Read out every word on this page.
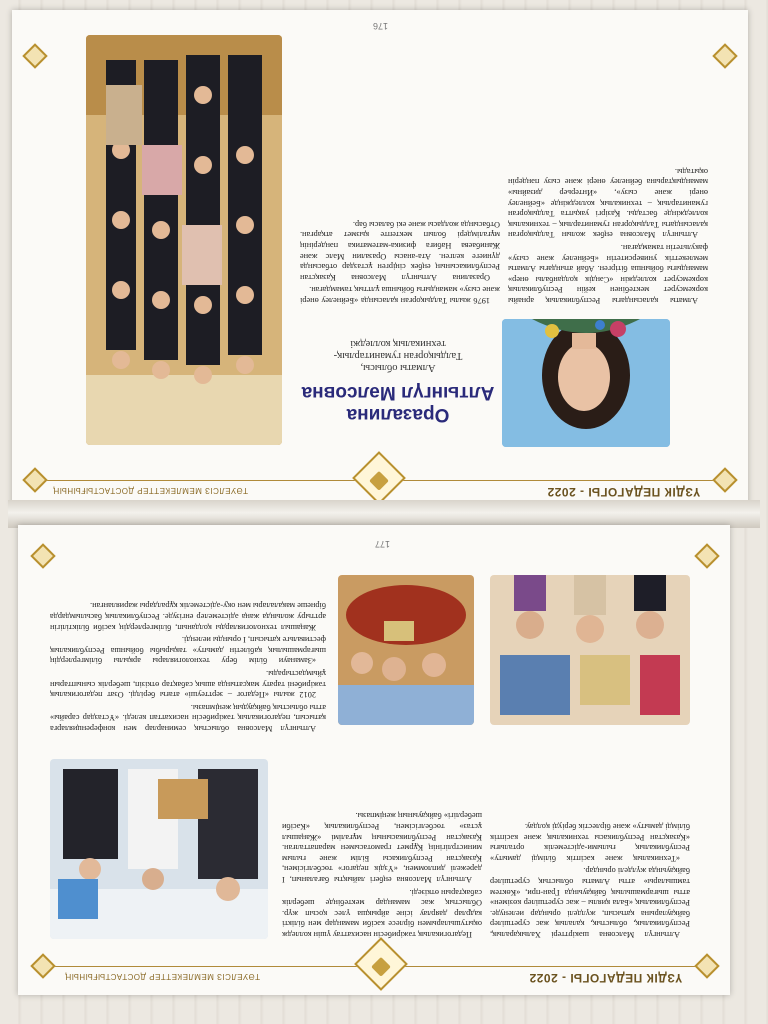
ҮЗДІК ПЕДАГОГЫ - 2022
ТӘУЕЛСІЗ МЕМЛЕКЕТТЕР ДОСТАСТЫҒЫНЫҢ
Оразалина
Алтынгүл Мәлсовна
Алматы облысы,
Талдықорған гуманитарлық-
техникалық колледжі

Алматы қаласындағы Республикалық арнайы көркемсурет мектебінен кейін Республикалық көркемсурет колледжін «Сәндік қолданбалы өнер» мамандығы бойынша бітірген. Абай атындағы Алматы мемлекеттік университетін «Бейнелеу және сызу» факультетін тамамдаған.

Алтынгүл Мәлсовна еңбек жолын Талдықорған қаласындағы Талдықорған гуманитарлық – техникалық колледжінде бастады. Қазіргі уақытта Талдықорған гуманитарлық – техникалық колледжінде «Бейнелеу өнері және сызу», «Интерьер дизайны» мамандықтарына бейнелеу өнері және сызу пәндерін оқытады.

1976 жылы Талдықорған қаласында «Бейнелеу өнері және сызу» мамандығы бойынша ұлттық тамамдаған.

Оразалина Алтынгүл Мәлсовна Қазақстан Республикасының еңбек сіңірген ұстаздар отбасында дүниеге келген. Ата-анасы Оразалин Мәлс және Жанибаева Набиға физика-математика пәндерінің мұғалімдері болып мектепте қызмет атқарған. Отбасында жолдасы және екі баласы бар.

176
ҮЗДІК ПЕДАГОГЫ - 2022
ТӘУЕЛСІЗ МЕМЛЕКЕТТЕР ДОСТАСТЫҒЫНЫҢ

Алтынгүл Мәлсовна шәкірттері Халықаралық, Республикалық, облыстық, қалалық жас суретшілер байқауларына қатысып, жүлделі орындар иеленуде. Республикалық «Бала қиялы – жас суретшілер көзімен» атты шығармашылық байқауында Гран-при, «Көктем тамшылары» атты Алматы облыстық суретшілер байқауында жүлделі орындар.

«Техникалық және кәсіптік білімді дамыту» Республикалық ғылыми-әдістемелік орталығы «Қазақстан Республикасы техникалық және кәсіптік білімді дамыту» және бірлестік беріуді қолдау.

Педагогикалық тәжірибесін насихаттау үшін колледж оқытушыларымен бірлесе кәсіби мамандар мен білікті кадрлар даярлау ісіне айрықша үлес қосып жүр. Облыстық жас мамандар мектебінде шеберлік сабақтарын өткізеді.

Алтынгүл Мәлсовна еңбегі лайықты бағаланып, І дәрежелі дипломмен, «Үздік педагог» төсбелгісімен, Қазақстан Республикасы Білім және ғылым министрлігінің Құрмет грамотасымен марапатталған. Қазақстан Республикасының мұғалімі «Жаңашыл ұстаз» төсбелгісімен, Республикалық «Кәсіби шеберлігі» байқауының жеңімпазы.

Алтынгүл Мәлсовна облыстық семинарлар мен конференцияларға қатысып, педагогикалық тәжірибесін насихаттап келеді. «Ұстаздар сарайы» атты облыстық байқаудың жеңімпазы.

2012 жылы «Педагог – зерттеуші» атағы берілді. Озат педагогикалық тәжірибені тарату мақсатында ашық сабақтар өткізіп, шеберлік сыныптарын ұйымдастырады.

«Заманауи білім беру технологиялары арқылы білімгерлердің шығармашылық қабілетін дамыту» тақырыбы бойынша Республикалық фестивальге қатысып, І орынды иеленді.

Жаңашыл технологияларды қолданып, білімгерлердің кәсіби біліктілігін арттыру жолында жаңа әдістемелер енгізуде. Республикалық басылымдарда бірнеше мақалалары мен оқу-әдістемелік құралдары жарияланған.

177
